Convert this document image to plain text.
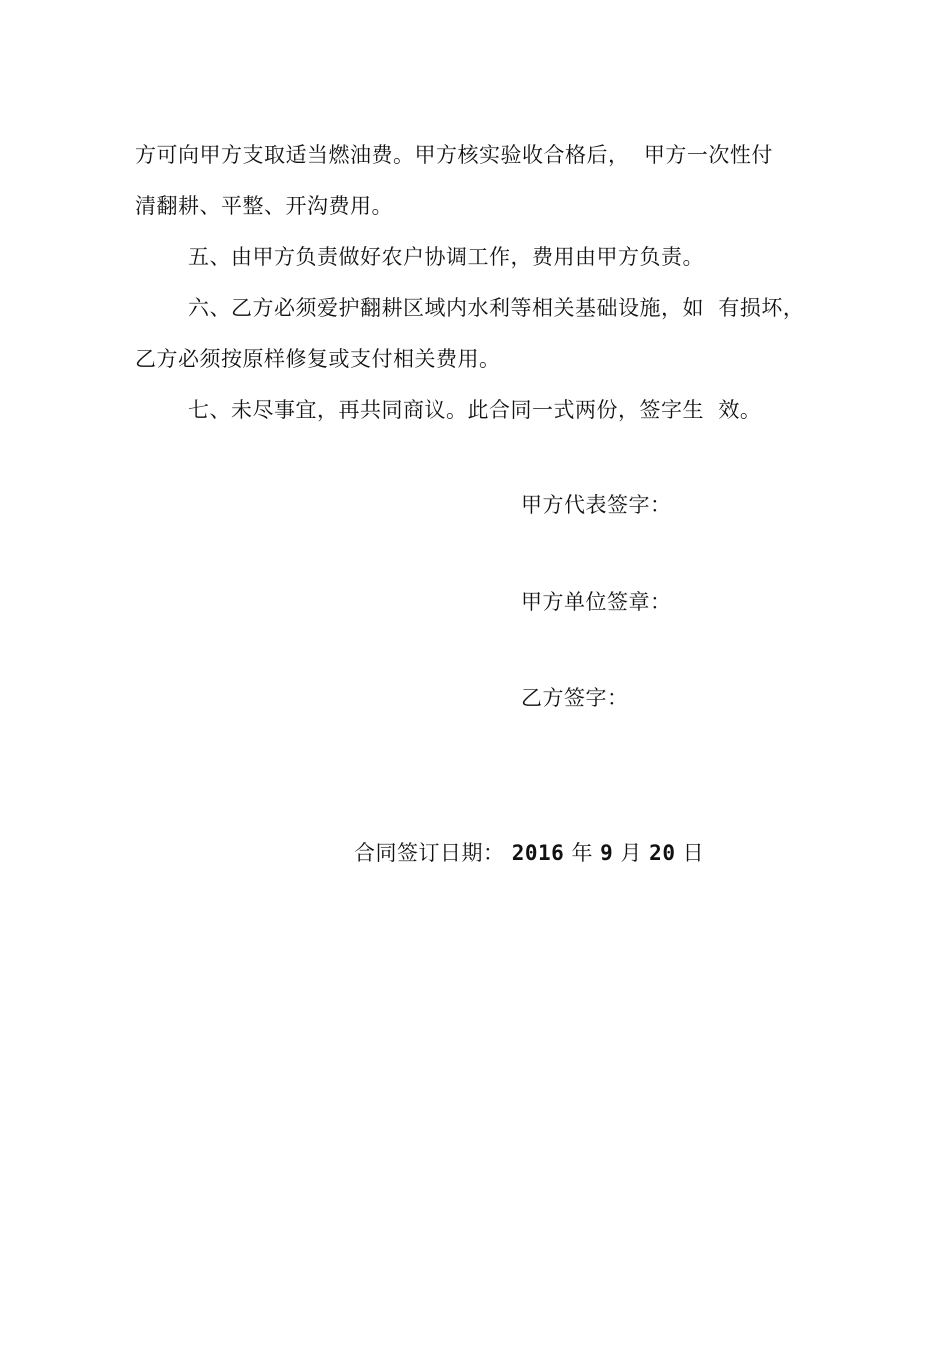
方可向甲方支取适当燃油费。甲方核实验收合格后，  甲方一次性付
清翻耕、平整、开沟费用。
五、由甲方负责做好农户协调工作，费用由甲方负责。
六、乙方必须爱护翻耕区域内水利等相关基础设施，如  有损坏，
乙方必须按原样修复或支付相关费用。
七、未尽事宜，再共同商议。此合同一式两份，签字生  效。
甲方代表签字：
甲方单位签章：
乙方签字：
合同签订日期： 2016 年 9 月 20 日
